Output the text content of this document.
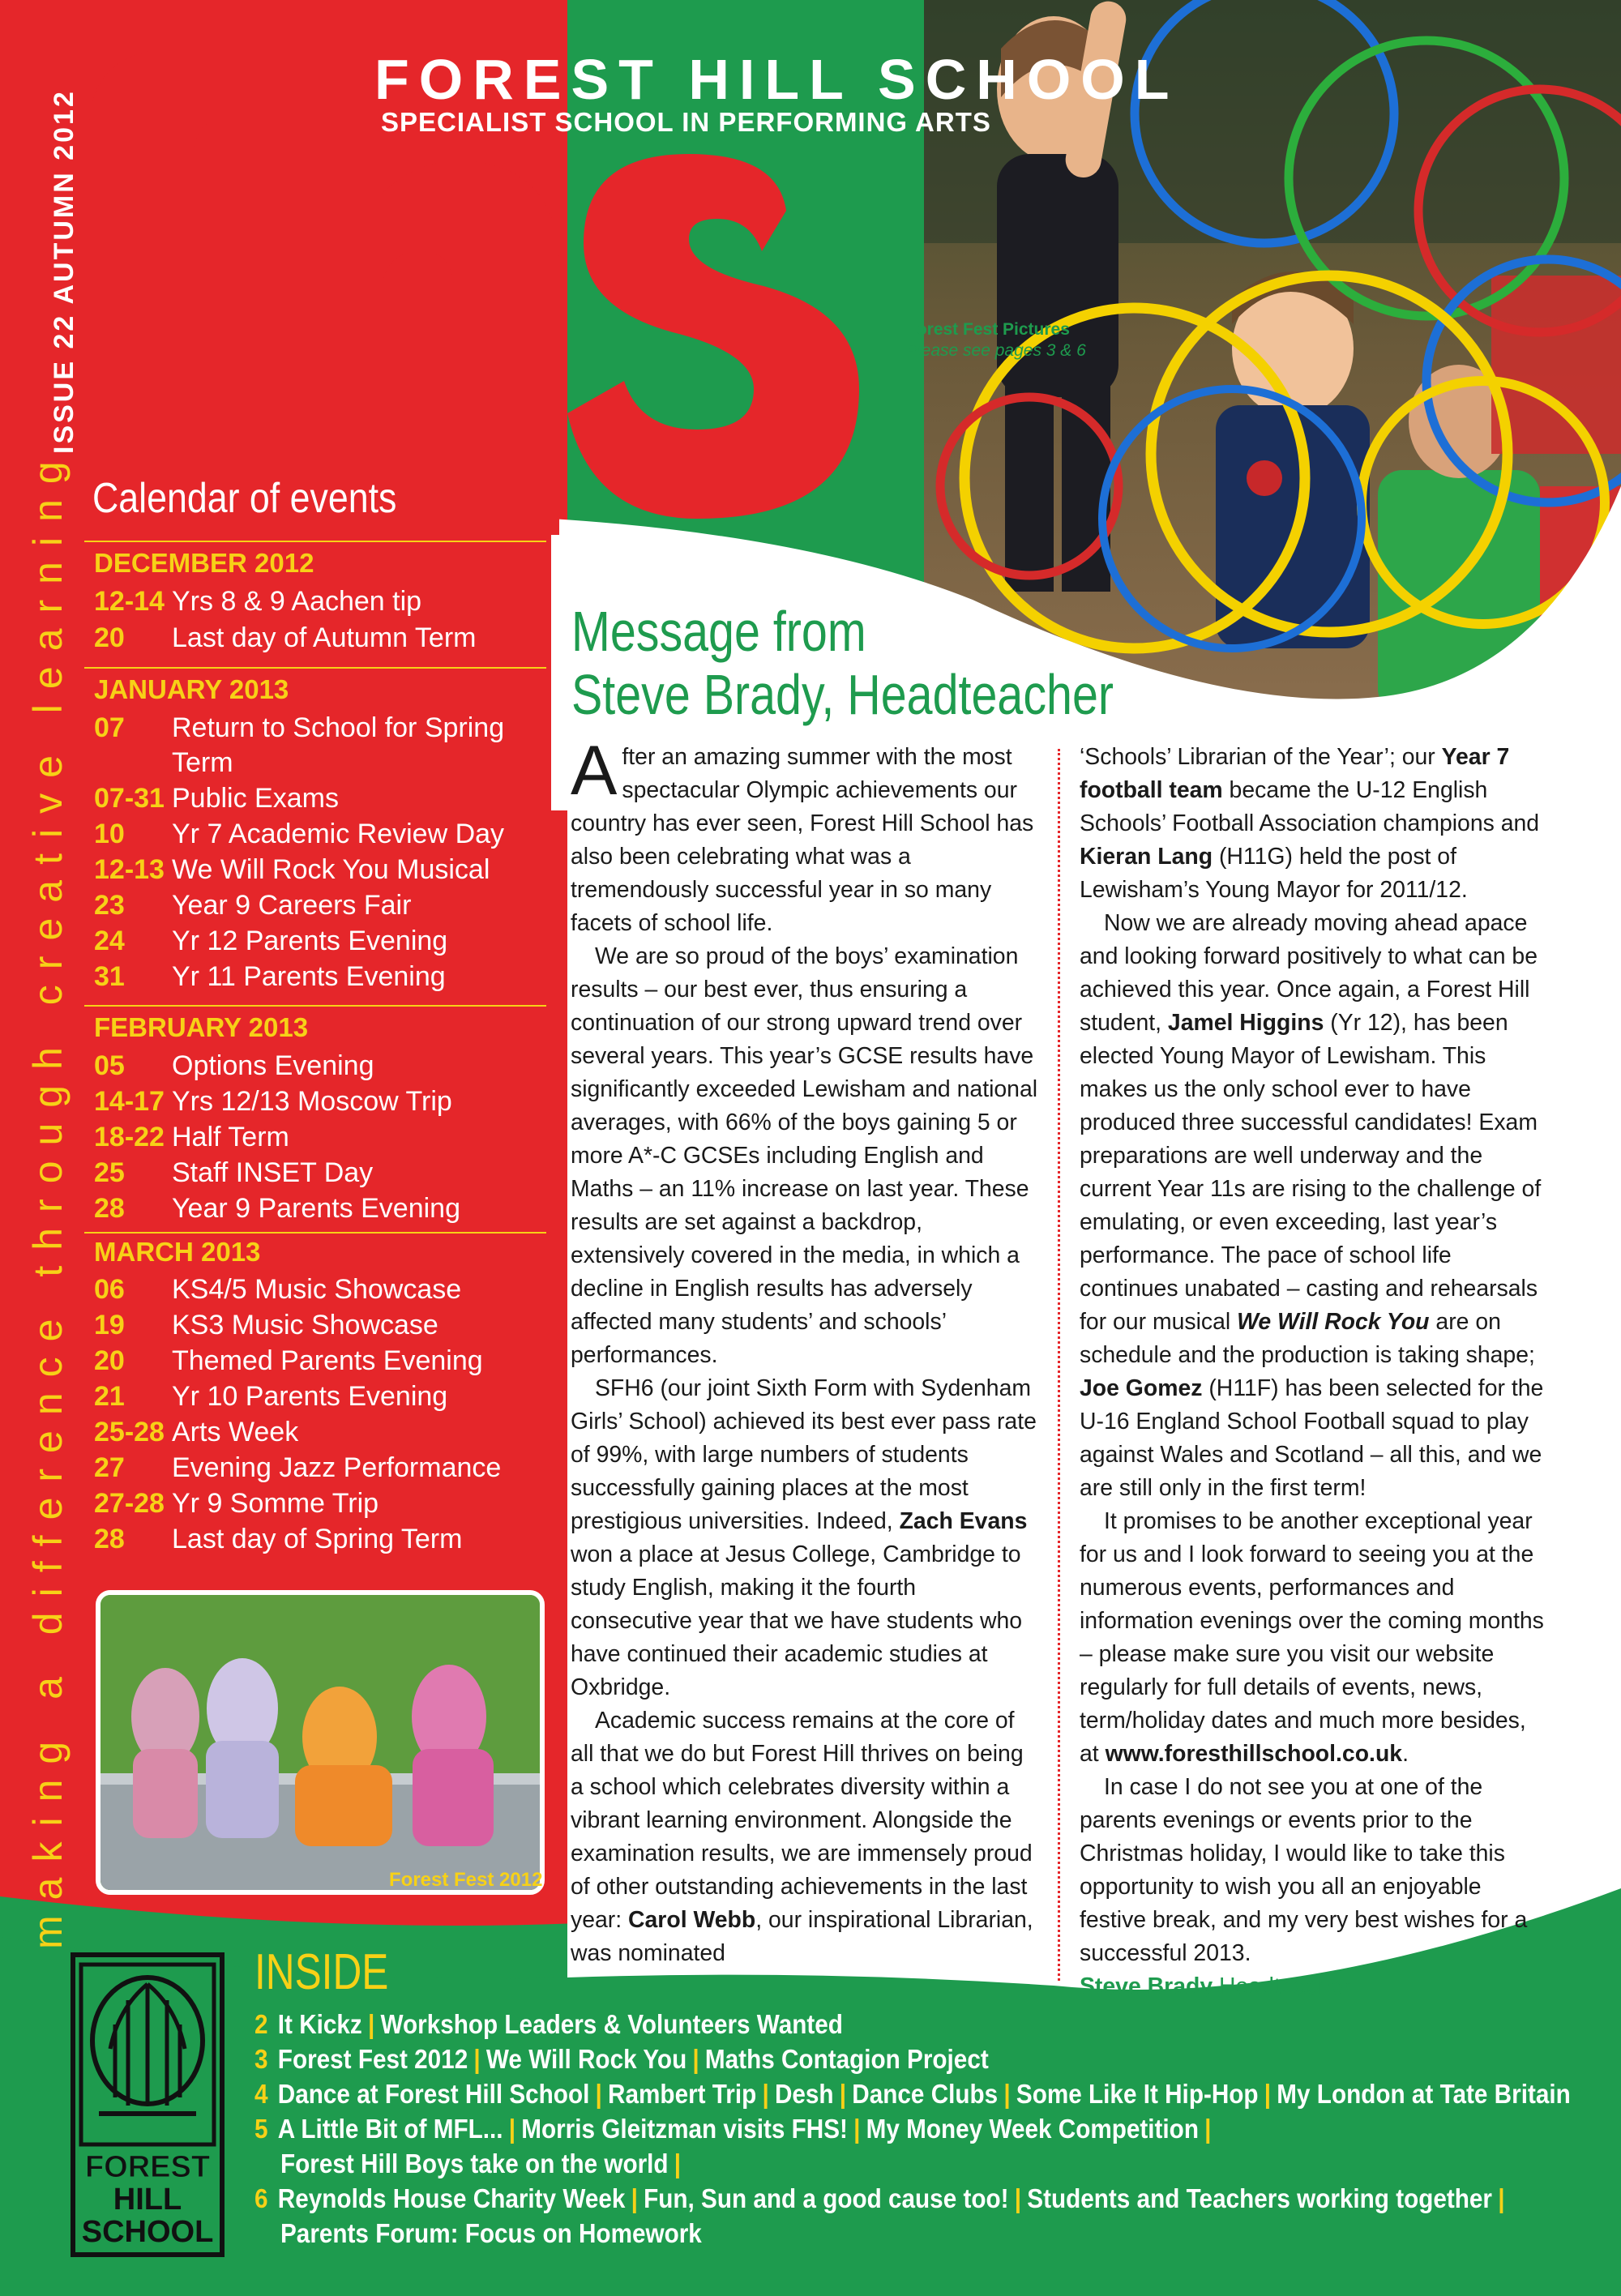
FOREST HILL SCHOOL
SPECIALIST SCHOOL IN PERFORMING ARTS
ISSUE 22 AUTUMN 2012
making a difference through creative learning
Forest Fest Pictures
Please see pages 3 & 6
Calendar of events
DECEMBER 2012
12-14 Yrs 8 & 9 Aachen tip
20	Last day of Autumn Term
JANUARY 2013
07	Return to School for Spring Term
07-31 Public Exams
10	Yr 7 Academic Review Day
12-13 We Will Rock You Musical
23	Year 9 Careers Fair
24	Yr 12 Parents Evening
31	Yr 11 Parents Evening
FEBRUARY 2013
05	Options Evening
14-17 Yrs 12/13 Moscow Trip
18-22 Half Term
25	Staff INSET Day
28	Year 9 Parents Evening
MARCH 2013
06	KS4/5 Music Showcase
19	KS3 Music Showcase
20	Themed Parents Evening
21	Yr 10 Parents Evening
25-28 Arts Week
27	Evening Jazz Performance
27-28 Yr 9 Somme Trip
28	Last day of Spring Term
Forest Fest 2012
Message from
Steve Brady, Headteacher

After an amazing summer with the most spectacular Olympic achievements our country has ever seen, Forest Hill School has also been celebrating what was a tremendously successful year in so many facets of school life.

We are so proud of the boys’ examination results – our best ever, thus ensuring a continuation of our strong upward trend over several years. This year’s GCSE results have significantly exceeded Lewisham and national averages, with 66% of the boys gaining 5 or more A*-C GCSEs including English and Maths – an 11% increase on last year. These results are set against a backdrop, extensively covered in the media, in which a decline in English results has adversely affected many students’ and schools’ performances.

SFH6 (our joint Sixth Form with Sydenham Girls’ School) achieved its best ever pass rate of 99%, with large numbers of students successfully gaining places at the most prestigious universities. Indeed, Zach Evans won a place at Jesus College, Cambridge to study English, making it the fourth consecutive year that we have students who have continued their academic studies at Oxbridge.

Academic success remains at the core of all that we do but Forest Hill thrives on being a school which celebrates diversity within a vibrant learning environment. Alongside the examination results, we are immensely proud of other outstanding achievements in the last year: Carol Webb, our inspirational Librarian, was nominated

‘Schools’ Librarian of the Year’; our Year 7 football team became the U-12 English Schools’ Football Association champions and Kieran Lang (H11G) held the post of Lewisham’s Young Mayor for 2011/12.

Now we are already moving ahead apace and looking forward positively to what can be achieved this year. Once again, a Forest Hill student, Jamel Higgins (Yr 12), has been elected Young Mayor of Lewisham. This makes us the only school ever to have produced three successful candidates! Exam preparations are well underway and the current Year 11s are rising to the challenge of emulating, or even exceeding, last year’s performance. The pace of school life continues unabated – casting and rehearsals for our musical We Will Rock You are on schedule and the production is taking shape; Joe Gomez (H11F) has been selected for the U-16 England School Football squad to play against Wales and Scotland – all this, and we are still only in the first term!

It promises to be another exceptional year for us and I look forward to seeing you at the numerous events, performances and information evenings over the coming months – please make sure you visit our website regularly for full details of events, news, term/holiday dates and much more besides, at www.foresthillschool.co.uk.

In case I do not see you at one of the parents evenings or events prior to the Christmas holiday, I would like to take this opportunity to wish you all an enjoyable festive break, and my very best wishes for a successful 2013.

Steve Brady Headteacher

FOREST
HILL
SCHOOL
INSIDE
2 It Kickz | Workshop Leaders & Volunteers Wanted
3 Forest Fest 2012 | We Will Rock You | Maths Contagion Project
4 Dance at Forest Hill School | Rambert Trip | Desh | Dance Clubs | Some Like It Hip-Hop | My London at Tate Britain
5 A Little Bit of MFL... | Morris Gleitzman visits FHS! | My Money Week Competition |
Forest Hill Boys take on the world |
6 Reynolds House Charity Week | Fun, Sun and a good cause too! | Students and Teachers working together |
Parents Forum: Focus on Homework
